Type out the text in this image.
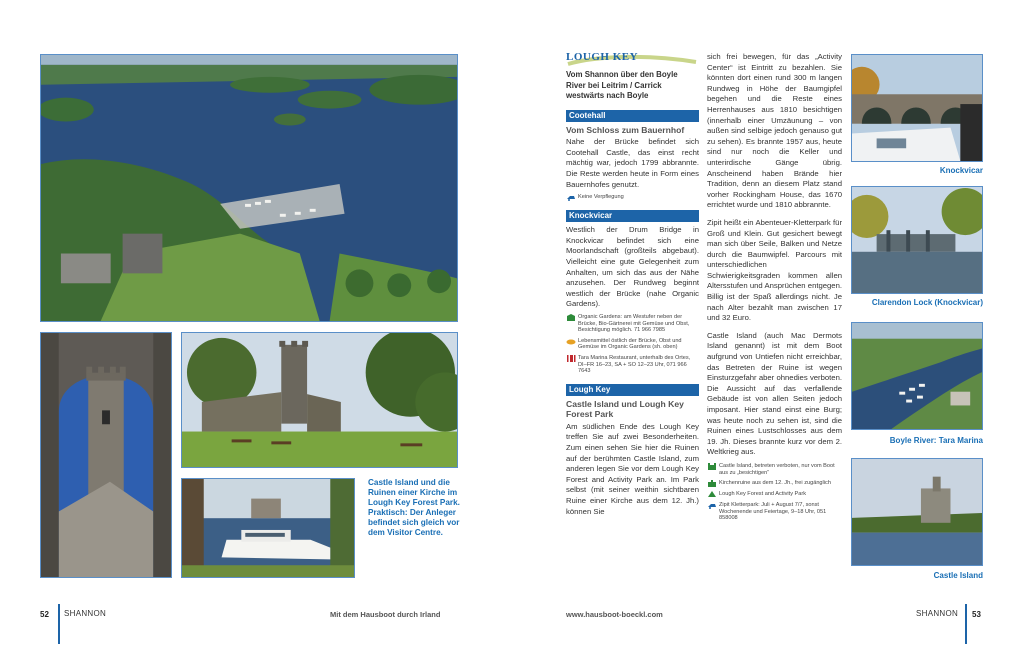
Castle Island und die Ruinen einer Kirche im Lough Key Forest Park. Praktisch: Der Anleger befindet sich gleich vor dem Visitor Centre.
52 SHANNON	Mit dem Hausboot durch Irland
LOUGH KEY
Vom Shannon über den Boyle River bei Leitrim / Carrick westwärts nach Boyle
Cootehall
Vom Schloss zum Bauernhof
Nahe der Brücke befindet sich Cootehall Castle, das einst recht mächtig war, jedoch 1799 abbrannte. Die Reste werden heute in Form eines Bauernhofes genutzt.
Keine Verpflegung
Knockvicar
Westlich der Drum Bridge in Knockvicar befindet sich eine Moorlandschaft (großteils abgebaut). Vielleicht eine gute Gelegenheit zum Anhalten, um sich das aus der Nähe anzusehen. Der Rundweg beginnt westlich der Brücke (nahe Organic Gardens).
Organic Gardens: am Westufer neben der Brücke, Bio-Gärtnerei mit Gemüse und Obst, Besichtigung möglich. 71 966 7985
Lebensmittel östlich der Brücke, Obst und Gemüse im Organic Gardens (sh. oben)
Tara Marina Restaurant, unterhalb des Ortes, DI–FR 16–23, SA + SO 12–23 Uhr, 071 966 7643
Lough Key
Castle Island und Lough Key Forest Park
Am südlichen Ende des Lough Key treffen Sie auf zwei Besonderheiten. Zum einen sehen Sie hier die Ruinen auf der berühmten Castle Island, zum anderen legen Sie vor dem Lough Key Forest and Activity Park an. Im Park selbst (mit seiner weithin sichtbaren Ruine einer Kirche aus dem 12. Jh.) können Sie
sich frei bewegen, für das „Activity Center“ ist Eintritt zu bezahlen. Sie könnten dort einen rund 300 m langen Rundweg in Höhe der Baumgipfel begehen und die Reste eines Herrenhauses aus 1810 besichtigen (innerhalb einer Umzäunung – von außen sind selbige jedoch genauso gut zu sehen). Es brannte 1957 aus, heute sind nur noch die Keller und unterirdische Gänge übrig. Anscheinend haben Brände hier Tradition, denn an diesem Platz stand vorher Rockingham House, das 1670 errichtet wurde und 1810 abbrannte.
Zipit heißt ein Abenteuer-Kletterpark für Groß und Klein. Gut gesichert bewegt man sich über Seile, Balken und Netze durch die Baumwipfel. Parcours mit unterschiedlichen Schwierigkeitsgraden kommen allen Altersstufen und Ansprüchen entgegen. Billig ist der Spaß allerdings nicht. Je nach Alter bezahlt man zwischen 17 und 32 Euro.
Castle Island (auch Mac Dermots Island genannt) ist mit dem Boot aufgrund von Untiefen nicht erreichbar, das Betreten der Ruine ist wegen Einsturzgefahr aber ohnedies verboten. Die Aussicht auf das verfallende Gebäude ist von allen Seiten jedoch imposant. Hier stand einst eine Burg; was heute noch zu sehen ist, sind die Ruinen eines Lustschlosses aus dem 19. Jh. Dieses brannte kurz vor dem 2. Weltkrieg aus.
Castle Island, betreten verboten, nur vom Boot aus zu „besichtigen“
Kirchenruine aus dem 12. Jh., frei zugänglich
Lough Key Forest and Activity Park
Zipit Kletterpark: Juli + August 7/7, sonst Wochenende und Feiertage, 9–18 Uhr, 051 858008
Knockvicar
Clarendon Lock (Knockvicar)
Boyle River: Tara Marina
Castle Island
www.hausboot-boeckl.com	SHANNON 53
